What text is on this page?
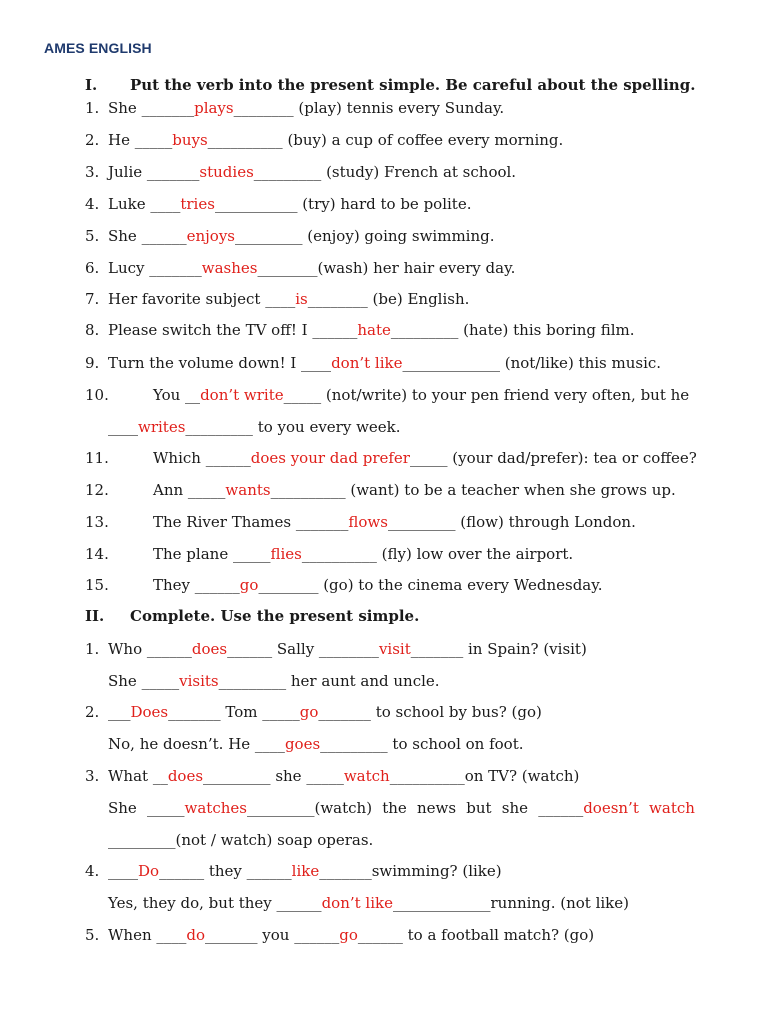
AMES ENGLISH

I.

Put the verb into the present simple. Be careful about the spelling.

1. She _______plays________ (play) tennis every Sunday.
2. He _____buys__________ (buy) a cup of coffee every morning.
3. Julie _______studies_________ (study) French at school.
4. Luke ____tries___________ (try) hard to be polite.
5. She ______enjoys_________ (enjoy) going swimming.
6. Lucy _______washes________(wash) her hair every day.
7. Her favorite subject ____is________ (be) English.
8. Please switch the TV off! I ______hate_________ (hate) this boring film.
9. Turn the volume down! I ____don’t like_____________ (not/like) this music.
10.	You __don’t write_____ (not/write) to your pen friend very often, but he
____writes_________ to you every week.
11.	Which ______does your dad prefer_____ (your dad/prefer): tea or coffee?
12.	Ann _____wants__________ (want) to be a teacher when she grows up.
13.	The River Thames _______flows_________ (flow) through London.
14.	The plane _____flies__________ (fly) low over the airport.
15.	They ______go________ (go) to the cinema every Wednesday.

II.

Complete. Use the present simple.

1. Who ______does______ Sally ________visit_______ in Spain? (visit)
She _____visits_________ her aunt and uncle.
2. ___Does_______ Tom _____go_______ to school by bus? (go)
No, he doesn’t. He ____goes_________ to school on foot.
3. What __does_________ she _____watch__________on TV? (watch)
She _____watches_________(watch) the news but she ______doesn’t watch
_________(not / watch) soap operas.
4. ____Do______ they ______like_______swimming? (like)
Yes, they do, but they ______don’t like_____________running. (not like)
5. When ____do_______ you ______go______ to a football match? (go)
